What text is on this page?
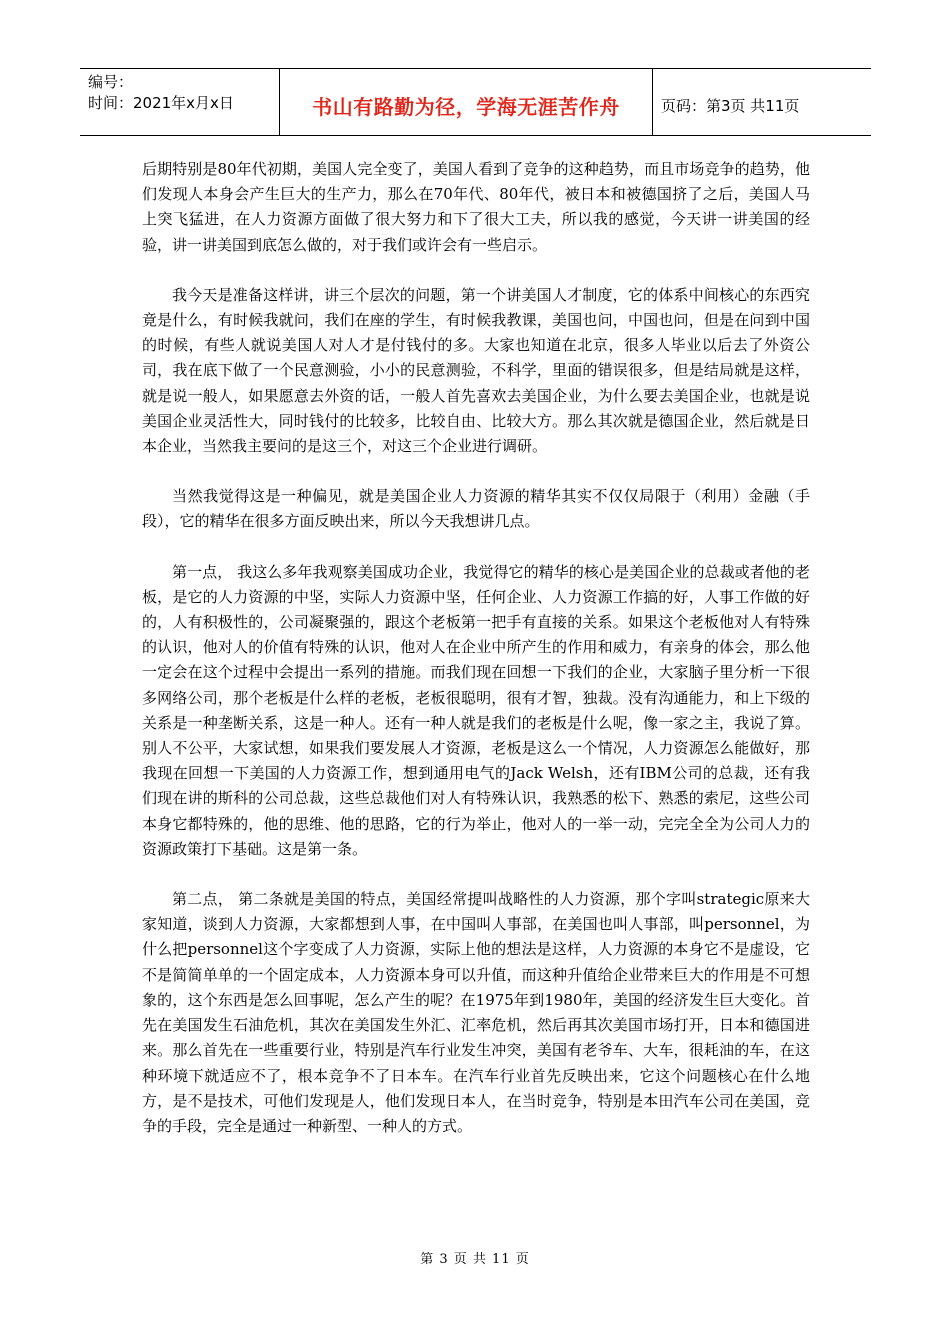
编号：
时间：2021年x月x日	书山有路勤为径，学海无涯苦作舟	页码：第3页 共11页

后期特别是80年代初期，美国人完全变了，美国人看到了竞争的这种趋势，而且市场竞争的趋势，他们发现人本身会产生巨大的生产力，那么在70年代、80年代，被日本和被德国挤了之后，美国人马上突飞猛进，在人力资源方面做了很大努力和下了很大工夫，所以我的感觉，今天讲一讲美国的经验，讲一讲美国到底怎么做的，对于我们或许会有一些启示。

我今天是准备这样讲，讲三个层次的问题，第一个讲美国人才制度，它的体系中间核心的东西究竟是什么，有时候我就问，我们在座的学生，有时候我教课，美国也问，中国也问，但是在问到中国的时候，有些人就说美国人对人才是付钱付的多。大家也知道在北京，很多人毕业以后去了外资公司，我在底下做了一个民意测验，小小的民意测验，不科学，里面的错误很多，但是结局就是这样，就是说一般人，如果愿意去外资的话，一般人首先喜欢去美国企业，为什么要去美国企业，也就是说美国企业灵活性大，同时钱付的比较多，比较自由、比较大方。那么其次就是德国企业，然后就是日本企业，当然我主要问的是这三个，对这三个企业进行调研。

当然我觉得这是一种偏见，就是美国企业人力资源的精华其实不仅仅局限于（利用）金融（手段），它的精华在很多方面反映出来，所以今天我想讲几点。

第一点， 我这么多年我观察美国成功企业，我觉得它的精华的核心是美国企业的总裁或者他的老板，是它的人力资源的中坚，实际人力资源中坚，任何企业、人力资源工作搞的好，人事工作做的好的，人有积极性的，公司凝聚强的，跟这个老板第一把手有直接的关系。如果这个老板他对人有特殊的认识，他对人的价值有特殊的认识，他对人在企业中所产生的作用和威力，有亲身的体会，那么他一定会在这个过程中会提出一系列的措施。而我们现在回想一下我们的企业，大家脑子里分析一下很多网络公司，那个老板是什么样的老板，老板很聪明，很有才智，独裁。没有沟通能力，和上下级的关系是一种垄断关系，这是一种人。还有一种人就是我们的老板是什么呢，像一家之主，我说了算。别人不公平，大家试想，如果我们要发展人才资源，老板是这么一个情况，人力资源怎么能做好，那我现在回想一下美国的人力资源工作，想到通用电气的Jack Welsh，还有IBM公司的总裁，还有我们现在讲的斯科的公司总裁，这些总裁他们对人有特殊认识，我熟悉的松下、熟悉的索尼，这些公司本身它都特殊的，他的思维、他的思路，它的行为举止，他对人的一举一动，完完全全为公司人力的资源政策打下基础。这是第一条。

第二点， 第二条就是美国的特点，美国经常提叫战略性的人力资源，那个字叫strategic原来大家知道，谈到人力资源，大家都想到人事，在中国叫人事部，在美国也叫人事部，叫personnel，为什么把personnel这个字变成了人力资源，实际上他的想法是这样，人力资源的本身它不是虚设，它不是简简单单的一个固定成本，人力资源本身可以升值，而这种升值给企业带来巨大的作用是不可想象的，这个东西是怎么回事呢，怎么产生的呢？在1975年到1980年，美国的经济发生巨大变化。首先在美国发生石油危机，其次在美国发生外汇、汇率危机，然后再其次美国市场打开，日本和德国进来。那么首先在一些重要行业，特别是汽车行业发生冲突，美国有老爷车、大车，很耗油的车，在这种环境下就适应不了，根本竞争不了日本车。在汽车行业首先反映出来，它这个问题核心在什么地方，是不是技术，可他们发现是人，他们发现日本人，在当时竞争，特别是本田汽车公司在美国，竞争的手段，完全是通过一种新型、一种人的方式。

第 3 页 共 11 页
